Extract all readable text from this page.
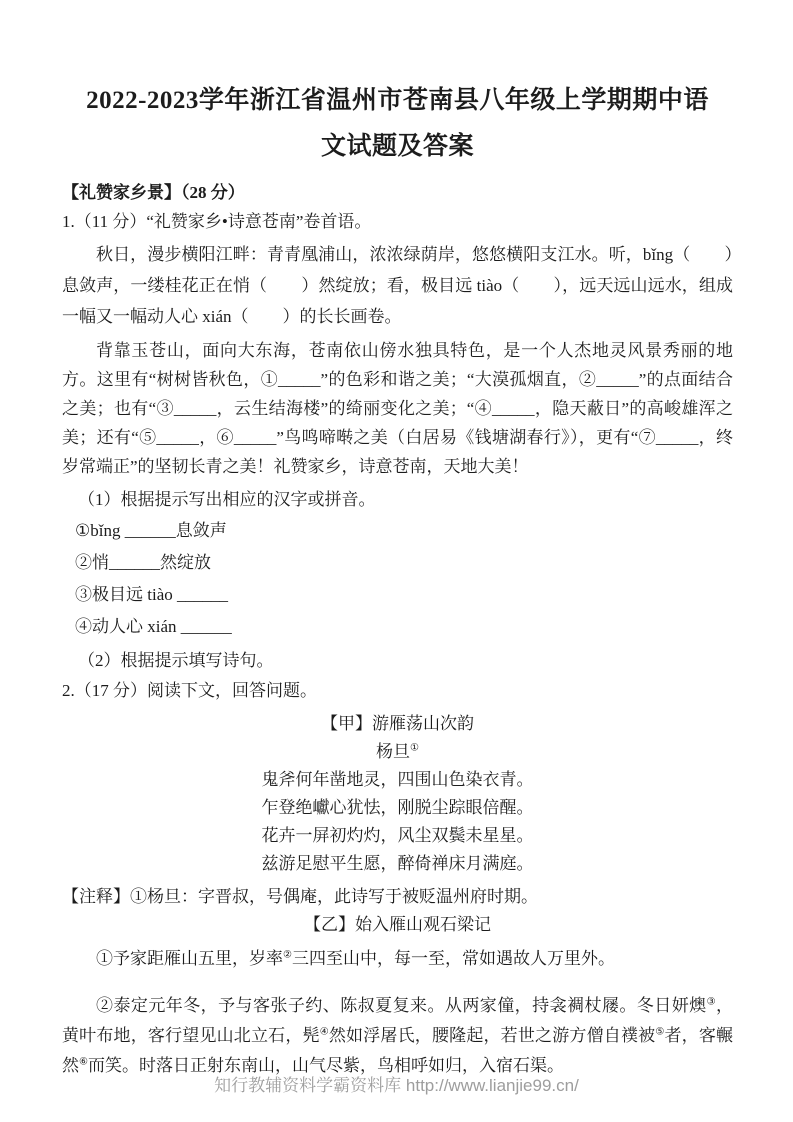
2022-2023学年浙江省温州市苍南县八年级上学期期中语文试题及答案
【礼赞家乡景】（28 分）
1.（11 分）“礼赞家乡•诗意苍南”卷首语。

秋日，漫步横阳江畔：青青凰浦山，浓浓绿荫岸，悠悠横阳支江水。听，bǐng（　　）息敛声，一缕桂花正在悄（　　）然绽放；看，极目远 tiào（　　），远天远山远水，组成一幅又一幅动人心 xián（　　）的长长画卷。

背靠玉苍山，面向大东海，苍南依山傍水独具特色，是一个人杰地灵风景秀丽的地方。这里有“树树皆秋色，①_____”的色彩和谐之美；“大漠孤烟直，②_____”的点面结合之美；也有“③_____，云生结海楼”的绮丽变化之美；“④_____，隐天蔽日”的高峻雄浑之美；还有“⑤_____，⑥_____”鸟鸣啼啭之美（白居易《钱塘湖春行》），更有“⑦_____，终岁常端正”的坚韧长青之美！礼赞家乡，诗意苍南，天地大美！

（1）根据提示写出相应的汉字或拼音。
①bǐng ______息敛声
②悄______然绽放
③极目远 tiào ______
④动人心 xián ______
（2）根据提示填写诗句。
2.（17 分）阅读下文，回答问题。
【甲】游雁荡山次韵
杨旦①
鬼斧何年凿地灵，四围山色染衣青。
乍登绝巘心犹怯，刚脱尘踪眼倍醒。
花卉一屏初灼灼，风尘双鬓未星星。
兹游足慰平生愿，醉倚禅床月满庭。
【注释】①杨旦：字晋叔，号偶庵，此诗写于被贬温州府时期。
【乙】始入雁山观石梁记

①予家距雁山五里，岁率②三四至山中，每一至，常如遇故人万里外。

②泰定元年冬，予与客张子约、陈叔夏复来。从两家僮，持衾裯杖屦。冬日妍燠③，黄叶布地，客行望见山北立石，髡④然如浮屠氏，腰隆起，若世之游方僧自襆被⑤者，客冁然⑥而笑。时落日正射东南山，山气尽紫，鸟相呼如归，入宿石渠。

知行教辅资料学霸资料库 http://www.lianjie99.cn/
